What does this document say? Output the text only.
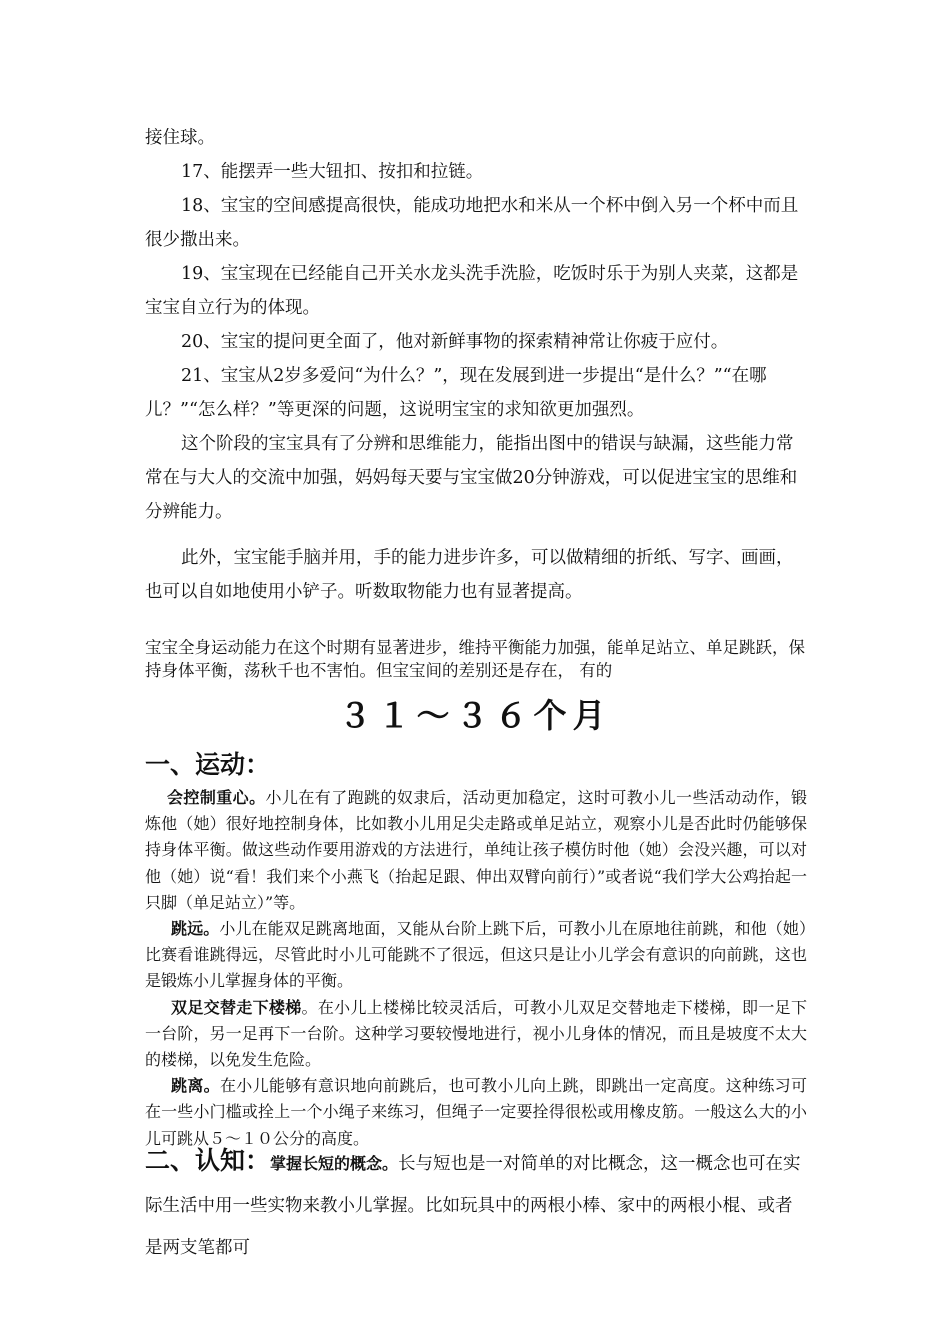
接住球。

17、能摆弄一些大钮扣、按扣和拉链。

18、宝宝的空间感提高很快，能成功地把水和米从一个杯中倒入另一个杯中而且很少撒出来。

19、宝宝现在已经能自己开关水龙头洗手洗脸，吃饭时乐于为别人夹菜，这都是宝宝自立行为的体现。

20、宝宝的提问更全面了，他对新鲜事物的探索精神常让你疲于应付。

21、宝宝从2岁多爱问“为什么？”，现在发展到进一步提出“是什么？”“在哪儿？”“怎么样？”等更深的问题，这说明宝宝的求知欲更加强烈。

这个阶段的宝宝具有了分辨和思维能力，能指出图中的错误与缺漏，这些能力常常在与大人的交流中加强，妈妈每天要与宝宝做20分钟游戏，可以促进宝宝的思维和分辨能力。

此外，宝宝能手脑并用，手的能力进步许多，可以做精细的折纸、写字、画画，也可以自如地使用小铲子。听数取物能力也有显著提高。

宝宝全身运动能力在这个时期有显著进步，维持平衡能力加强，能单足站立、单足跳跃，保持身体平衡，荡秋千也不害怕。但宝宝间的差别还是存在， 有的

３１～３６个月
一、运动：

会控制重心。小儿在有了跑跳的奴隶后，活动更加稳定，这时可教小儿一些活动动作，锻炼他（她）很好地控制身体，比如教小儿用足尖走路或单足站立，观察小儿是否此时仍能够保持身体平衡。做这些动作要用游戏的方法进行，单纯让孩子模仿时他（她）会没兴趣，可以对他（她）说“看！我们来个小燕飞（抬起足跟、伸出双臂向前行）”或者说“我们学大公鸡抬起一只脚（单足站立）”等。

跳远。小儿在能双足跳离地面，又能从台阶上跳下后，可教小儿在原地往前跳，和他（她）比赛看谁跳得远，尽管此时小儿可能跳不了很远，但这只是让小儿学会有意识的向前跳，这也是锻炼小儿掌握身体的平衡。

双足交替走下楼梯。在小儿上楼梯比较灵活后，可教小儿双足交替地走下楼梯，即一足下一台阶，另一足再下一台阶。这种学习要较慢地进行，视小儿身体的情况，而且是坡度不太大的楼梯，以免发生危险。

跳离。在小儿能够有意识地向前跳后，也可教小儿向上跳，即跳出一定高度。这种练习可在一些小门槛或拴上一个小绳子来练习，但绳子一定要拴得很松或用橡皮筋。一般这么大的小儿可跳从５～１０公分的高度。

二、认知：掌握长短的概念。长与短也是一对简单的对比概念，这一概念也可在实际生活中用一些实物来教小儿掌握。比如玩具中的两根小棒、家中的两根小棍、或者是两支笔都可
